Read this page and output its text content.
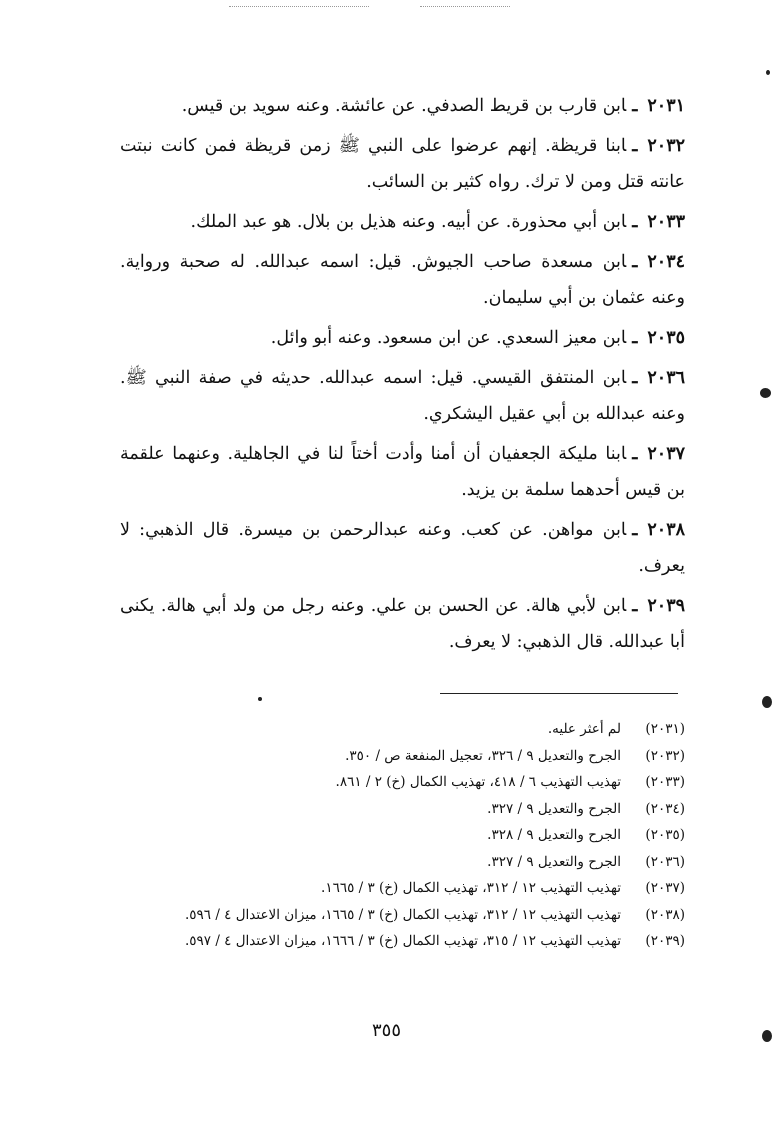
٢٠٣١ـابن قارب بن قريط الصدفي. عن عائشة. وعنه سويد بن قيس.

٢٠٣٢ـابنا قريظة. إنهم عرضوا على النبي ﷺ زمن قريظة فمن كانت نبتت عانته قتل ومن لا ترك. رواه كثير بن السائب.

٢٠٣٣ـابن أبي محذورة. عن أبيه. وعنه هذيل بن بلال. هو عبد الملك.

٢٠٣٤ـابن مسعدة صاحب الجيوش. قيل: اسمه عبدالله. له صحبة ورواية. وعنه عثمان بن أبي سليمان.

٢٠٣٥ـابن معيز السعدي. عن ابن مسعود. وعنه أبو وائل.

٢٠٣٦ـابن المنتفق القيسي. قيل: اسمه عبدالله. حديثه في صفة النبي ﷺ. وعنه عبدالله بن أبي عقيل اليشكري.

٢٠٣٧ـابنا مليكة الجعفيان أن أمنا وأدت أختاً لنا في الجاهلية. وعنهما علقمة بن قيس أحدهما سلمة بن يزيد.

٢٠٣٨ـابن مواهن. عن كعب. وعنه عبدالرحمن بن ميسرة. قال الذهبي: لا يعرف.

٢٠٣٩ـابن لأبي هالة. عن الحسن بن علي. وعنه رجل من ولد أبي هالة. يكنى أبا عبدالله. قال الذهبي: لا يعرف.

(٢٠٣١)
لم أعثر عليه.
(٢٠٣٢)
الجرح والتعديل ٩ / ٣٢٦، تعجيل المنفعة ص / ٣٥٠.
(٢٠٣٣)
تهذيب التهذيب ٦ / ٤١٨، تهذيب الكمال (خ) ٢ / ٨٦١.
(٢٠٣٤)
الجرح والتعديل ٩ / ٣٢٧.
(٢٠٣٥)
الجرح والتعديل ٩ / ٣٢٨.
(٢٠٣٦)
الجرح والتعديل ٩ / ٣٢٧.
(٢٠٣٧)
تهذيب التهذيب ١٢ / ٣١٢، تهذيب الكمال (خ) ٣ / ١٦٦٥.
(٢٠٣٨)
تهذيب التهذيب ١٢ / ٣١٢، تهذيب الكمال (خ) ٣ / ١٦٦٥، ميزان الاعتدال ٤ / ٥٩٦.
(٢٠٣٩)
تهذيب التهذيب ١٢ / ٣١٥، تهذيب الكمال (خ) ٣ / ١٦٦٦، ميزان الاعتدال ٤ / ٥٩٧.
٣٥٥
